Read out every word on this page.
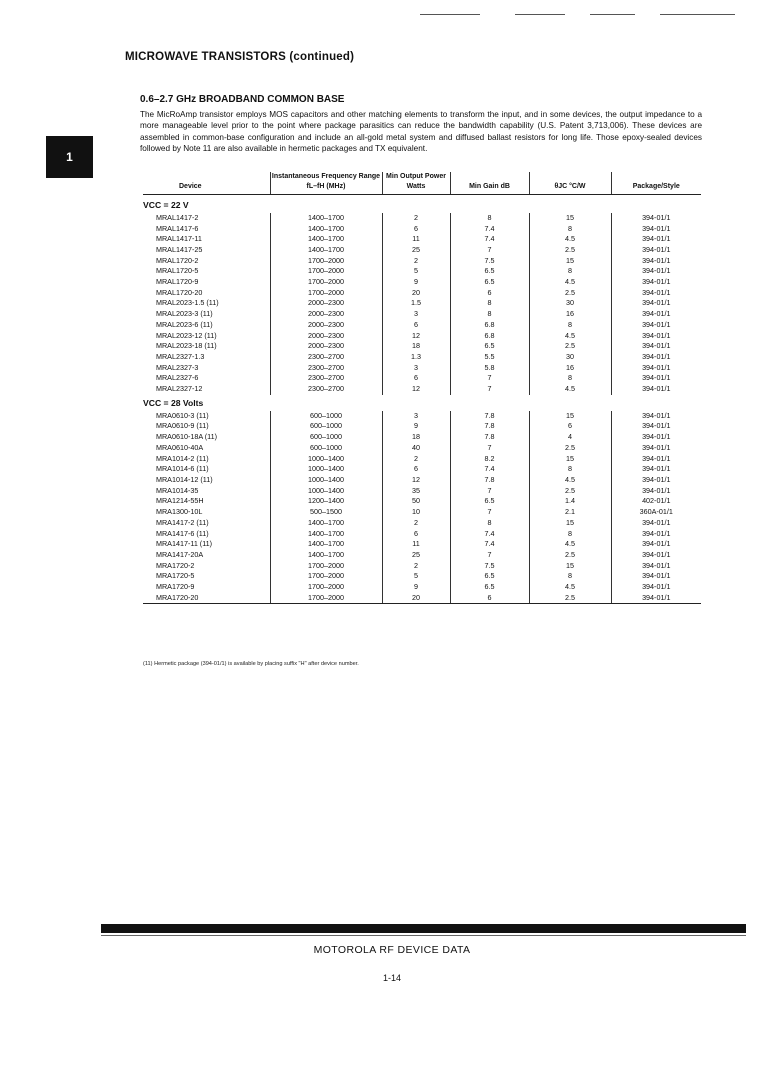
MICROWAVE TRANSISTORS (continued)
1
0.6–2.7 GHz BROADBAND COMMON BASE
The MicRoAmp transistor employs MOS capacitors and other matching elements to transform the input, and in some devices, the output impedance to a more manageable level prior to the point where package parasitics can reduce the bandwidth capability (U.S. Patent 3,713,006). These devices are assembled in common-base configuration and include an all-gold metal system and diffused ballast resistors for long life. Those epoxy-sealed devices followed by Note 11 are also available in hermetic packages and TX equivalent.
Device	Instantaneous Frequency Range fL–fH (MHz)	Min Output Power Watts	Min Gain dB	θJC °C/W	Package/Style
VCC = 22 V					
MRAL1417-2	1400–1700	2	8	15	394-01/1
MRAL1417-6	1400–1700	6	7.4	8	394-01/1
MRAL1417-11	1400–1700	11	7.4	4.5	394-01/1
MRAL1417-25	1400–1700	25	7	2.5	394-01/1
MRAL1720-2	1700–2000	2	7.5	15	394-01/1
MRAL1720-5	1700–2000	5	6.5	8	394-01/1
MRAL1720-9	1700–2000	9	6.5	4.5	394-01/1
MRAL1720-20	1700–2000	20	6	2.5	394-01/1
MRAL2023-1.5 (11)	2000–2300	1.5	8	30	394-01/1
MRAL2023-3 (11)	2000–2300	3	8	16	394-01/1
MRAL2023-6 (11)	2000–2300	6	6.8	8	394-01/1
MRAL2023-12 (11)	2000–2300	12	6.8	4.5	394-01/1
MRAL2023-18 (11)	2000–2300	18	6.5	2.5	394-01/1
MRAL2327-1.3	2300–2700	1.3	5.5	30	394-01/1
MRAL2327-3	2300–2700	3	5.8	16	394-01/1
MRAL2327-6	2300–2700	6	7	8	394-01/1
MRAL2327-12	2300–2700	12	7	4.5	394-01/1
VCC = 28 Volts					
MRA0610-3 (11)	600–1000	3	7.8	15	394-01/1
MRA0610-9 (11)	600–1000	9	7.8	6	394-01/1
MRA0610-18A (11)	600–1000	18	7.8	4	394-01/1
MRA0610-40A	600–1000	40	7	2.5	394-01/1
MRA1014-2 (11)	1000–1400	2	8.2	15	394-01/1
MRA1014-6 (11)	1000–1400	6	7.4	8	394-01/1
MRA1014-12 (11)	1000–1400	12	7.8	4.5	394-01/1
MRA1014-35	1000–1400	35	7	2.5	394-01/1
MRA1214-55H	1200–1400	50	6.5	1.4	402-01/1
MRA1300-10L	500–1500	10	7	2.1	360A-01/1
MRA1417-2 (11)	1400–1700	2	8	15	394-01/1
MRA1417-6 (11)	1400–1700	6	7.4	8	394-01/1
MRA1417-11 (11)	1400–1700	11	7.4	4.5	394-01/1
MRA1417-20A	1400–1700	25	7	2.5	394-01/1
MRA1720-2	1700–2000	2	7.5	15	394-01/1
MRA1720-5	1700–2000	5	6.5	8	394-01/1
MRA1720-9	1700–2000	9	6.5	4.5	394-01/1
MRA1720-20	1700–2000	20	6	2.5	394-01/1
(11) Hermetic package (394-01/1) is available by placing suffix "H" after device number.
MOTOROLA RF DEVICE DATA
1-14
